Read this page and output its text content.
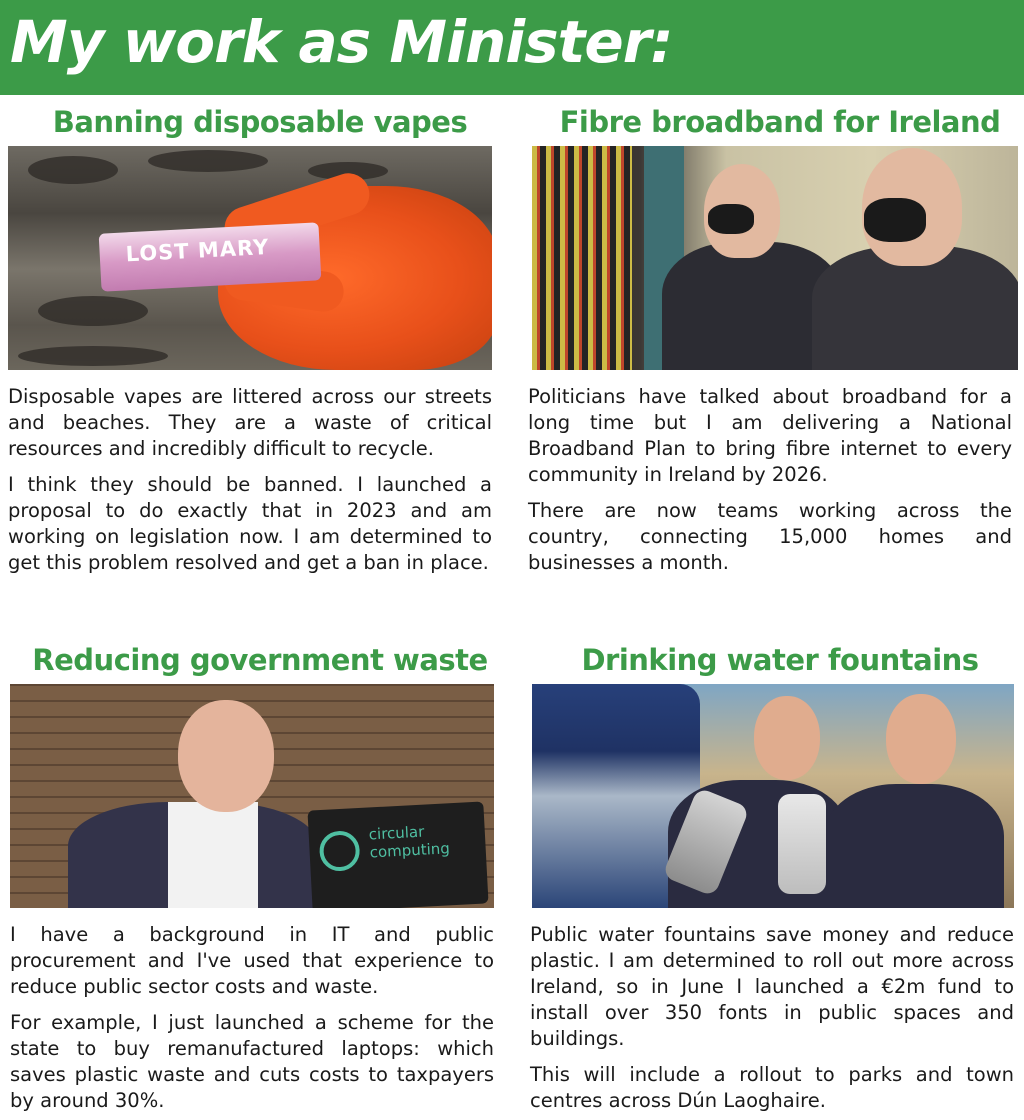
My work as Minister:
Banning disposable vapes
LOST MARY

Disposable vapes are littered across our streets and beaches. They are a waste of critical resources and incredibly difficult to recycle.

I think they should be banned. I launched a proposal to do exactly that in 2023 and am working on legislation now. I am determined to get this problem resolved and get a ban in place.

Fibre broadband for Ireland

Politicians have talked about broadband for a long time but I am delivering a National Broadband Plan to bring fibre internet to every community in Ireland by 2026.

There are now teams working across the country, connecting 15,000 homes and businesses a month.

Reducing government waste
circular computing

I have a background in IT and public procurement and I've used that experience to reduce public sector costs and waste.

For example, I just launched a scheme for the state to buy remanufactured laptops: which saves plastic waste and cuts costs to taxpayers by around 30%.

Drinking water fountains

Public water fountains save money and reduce plastic. I am determined to roll out more across Ireland, so in June I launched a €2m fund to install over 350 fonts in public spaces and buildings.

This will include a rollout to parks and town centres across Dún Laoghaire.
